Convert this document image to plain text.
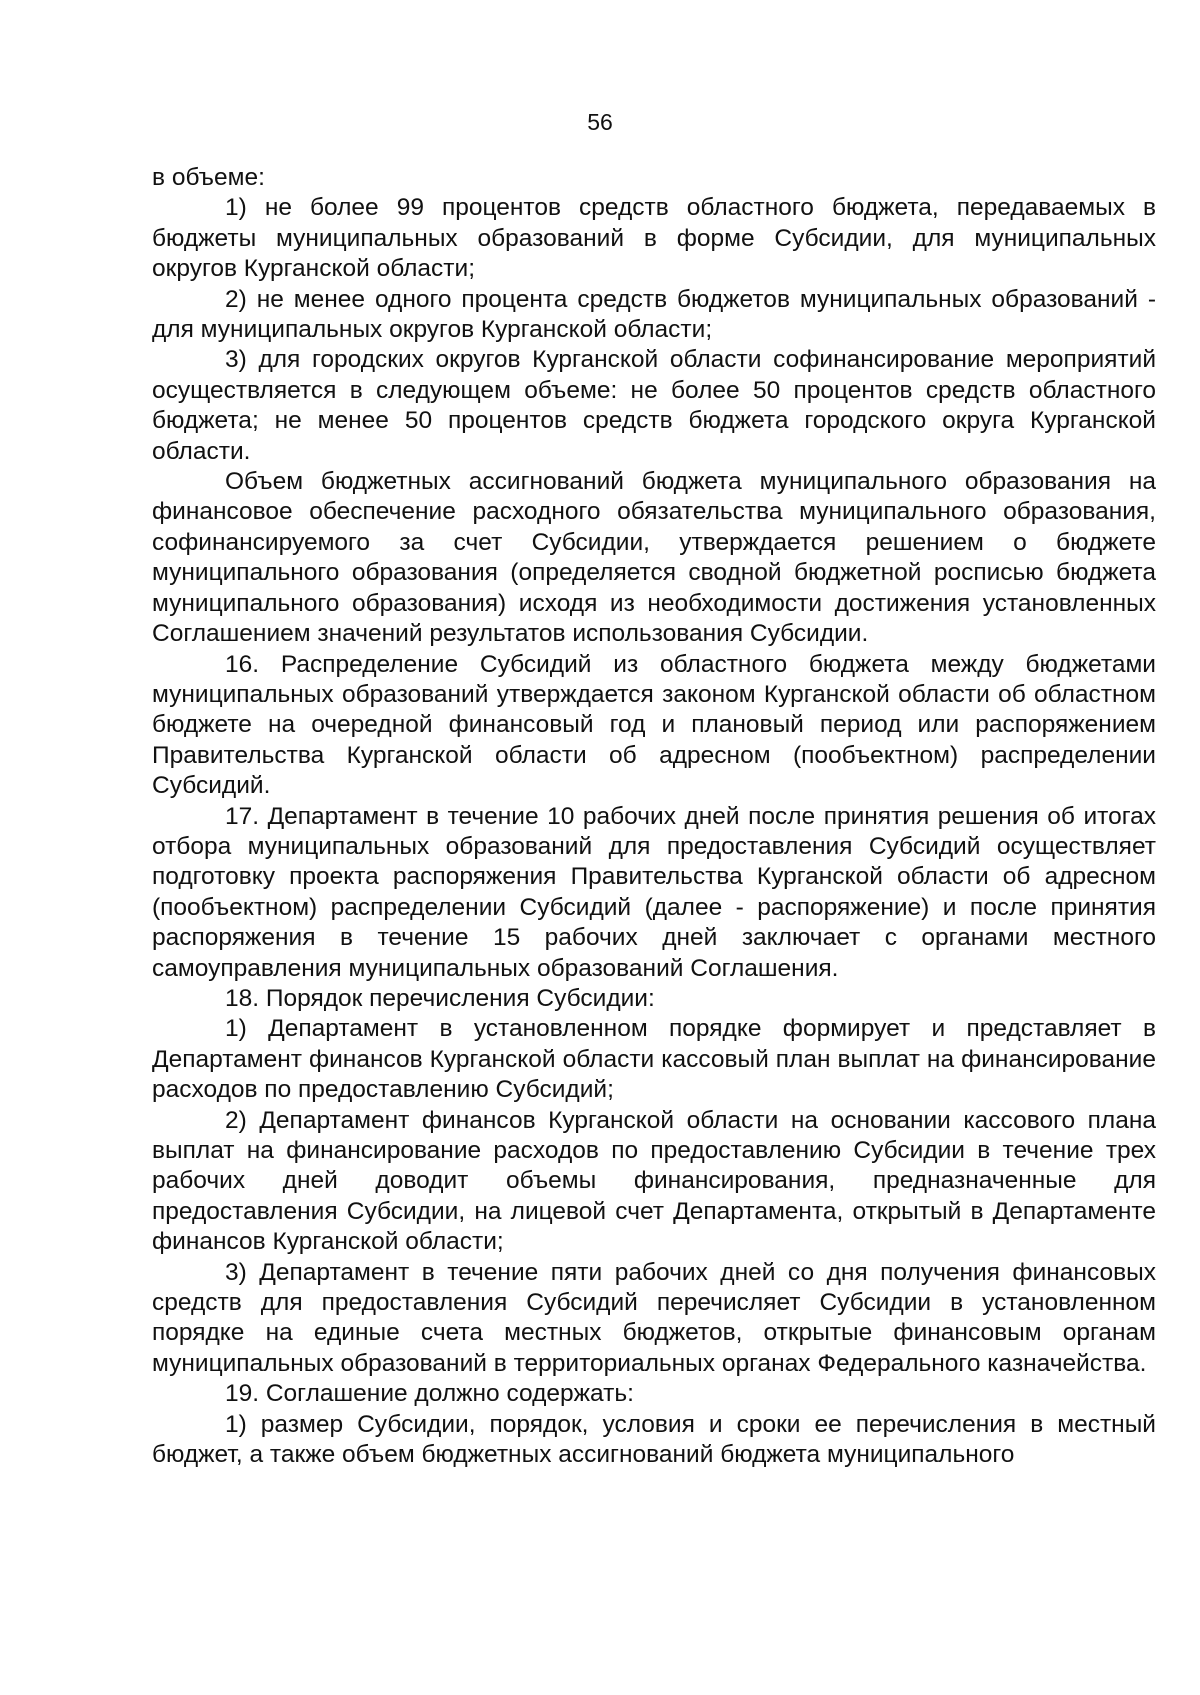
56

в объеме:

1) не более 99 процентов средств областного бюджета, передаваемых в бюджеты муниципальных образований в форме Субсидии, для муниципальных округов Курганской области;

2) не менее одного процента средств бюджетов муниципальных образований - для муниципальных округов Курганской области;

3) для городских округов Курганской области софинансирование мероприятий осуществляется в следующем объеме: не более 50 процентов средств областного бюджета; не менее 50 процентов средств бюджета городского округа Курганской области.

Объем бюджетных ассигнований бюджета муниципального образования на финансовое обеспечение расходного обязательства муниципального образования, софинансируемого за счет Субсидии, утверждается решением о бюджете муниципального образования (определяется сводной бюджетной росписью бюджета муниципального образования) исходя из необходимости достижения установленных Соглашением значений результатов использования Субсидии.

16. Распределение Субсидий из областного бюджета между бюджетами муниципальных образований утверждается законом Курганской области об областном бюджете на очередной финансовый год и плановый период или распоряжением Правительства Курганской области об адресном (пообъектном) распределении Субсидий.

17. Департамент в течение 10 рабочих дней после принятия решения об итогах отбора муниципальных образований для предоставления Субсидий осуществляет подготовку проекта распоряжения Правительства Курганской области об адресном (пообъектном) распределении Субсидий (далее - распоряжение) и после принятия распоряжения в течение 15 рабочих дней заключает с органами местного самоуправления муниципальных образований Соглашения.

18. Порядок перечисления Субсидии:

1) Департамент в установленном порядке формирует и представляет в Департамент финансов Курганской области кассовый план выплат на финансирование расходов по предоставлению Субсидий;

2) Департамент финансов Курганской области на основании кассового плана выплат на финансирование расходов по предоставлению Субсидии в течение трех рабочих дней доводит объемы финансирования, предназначенные для предоставления Субсидии, на лицевой счет Департамента, открытый в Департаменте финансов Курганской области;

3) Департамент в течение пяти рабочих дней со дня получения финансовых средств для предоставления Субсидий перечисляет Субсидии в установленном порядке на единые счета местных бюджетов, открытые финансовым органам муниципальных образований в территориальных органах Федерального казначейства.

19. Соглашение должно содержать:

1) размер Субсидии, порядок, условия и сроки ее перечисления в местный бюджет, а также объем бюджетных ассигнований бюджета муниципального
